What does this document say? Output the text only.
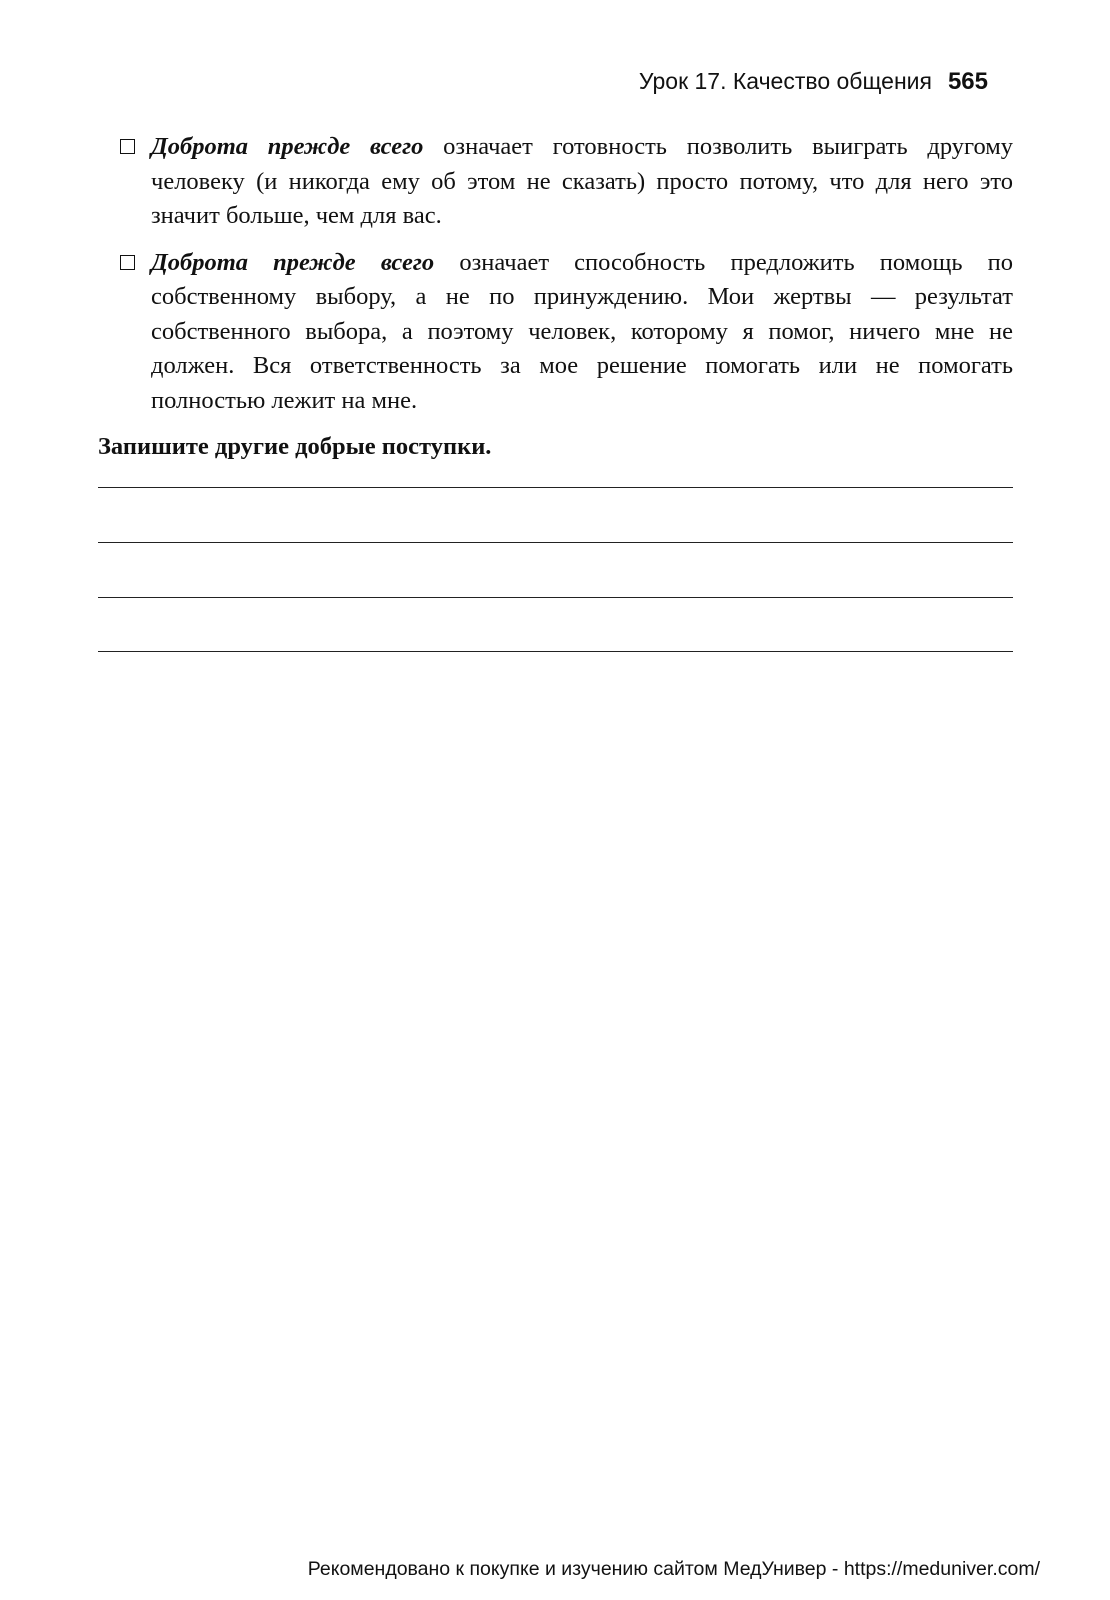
Урок 17. Качество общения 565
Доброта прежде всего означает готовность позволить выиграть другому человеку (и никогда ему об этом не сказать) просто потому, что для него это значит больше, чем для вас.
Доброта прежде всего означает способность предложить помощь по собственному выбору, а не по принуждению. Мои жертвы — результат собственного выбора, а поэтому человек, которому я помог, ничего мне не должен. Вся ответственность за мое решение помогать или не помогать полностью лежит на мне.

Запишите другие добрые поступки.

Рекомендовано к покупке и изучению сайтом МедУнивер - https://meduniver.com/
